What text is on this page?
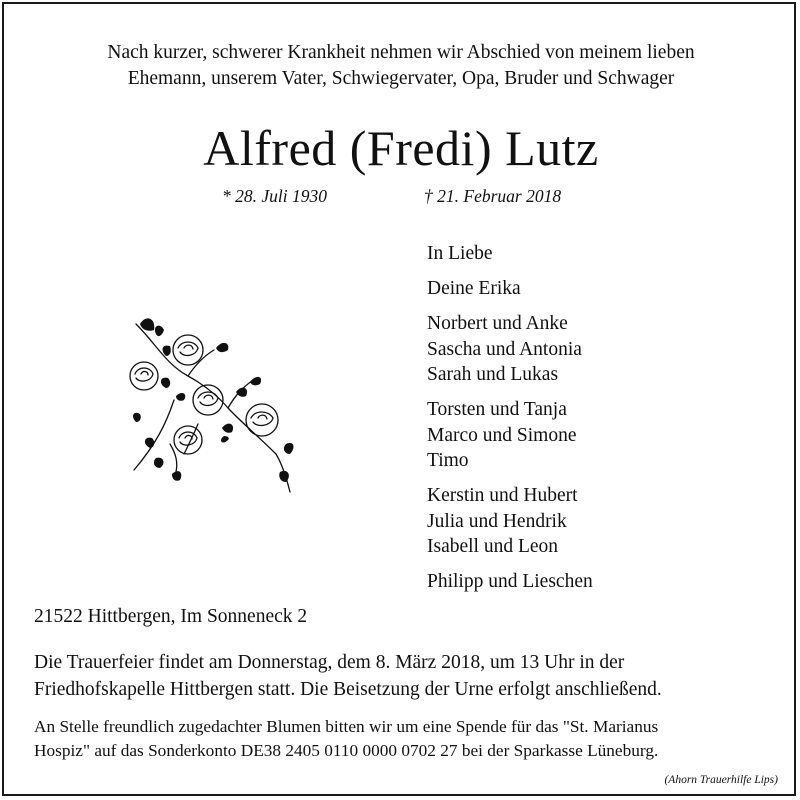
Nach kurzer, schwerer Krankheit nehmen wir Abschied von meinem lieben
Ehemann, unserem Vater, Schwiegervater, Opa, Bruder und Schwager
Alfred (Fredi) Lutz
* 28. Juli 1930	† 21. Februar 2018
In Liebe
Deine Erika
Norbert und Anke
Sascha und Antonia
Sarah und Lukas
Torsten und Tanja
Marco und Simone
Timo
Kerstin und Hubert
Julia und Hendrik
Isabell und Leon
Philipp und Lieschen
21522 Hittbergen, Im Sonneneck 2
Die Trauerfeier findet am Donnerstag, dem 8. März 2018, um 13 Uhr in der
Friedhofskapelle Hittbergen statt. Die Beisetzung der Urne erfolgt anschließend.
An Stelle freundlich zugedachter Blumen bitten wir um eine Spende für das "St. Marianus
Hospiz" auf das Sonderkonto DE38 2405 0110 0000 0702 27 bei der Sparkasse Lüneburg.
(Ahorn Trauerhilfe Lips)
